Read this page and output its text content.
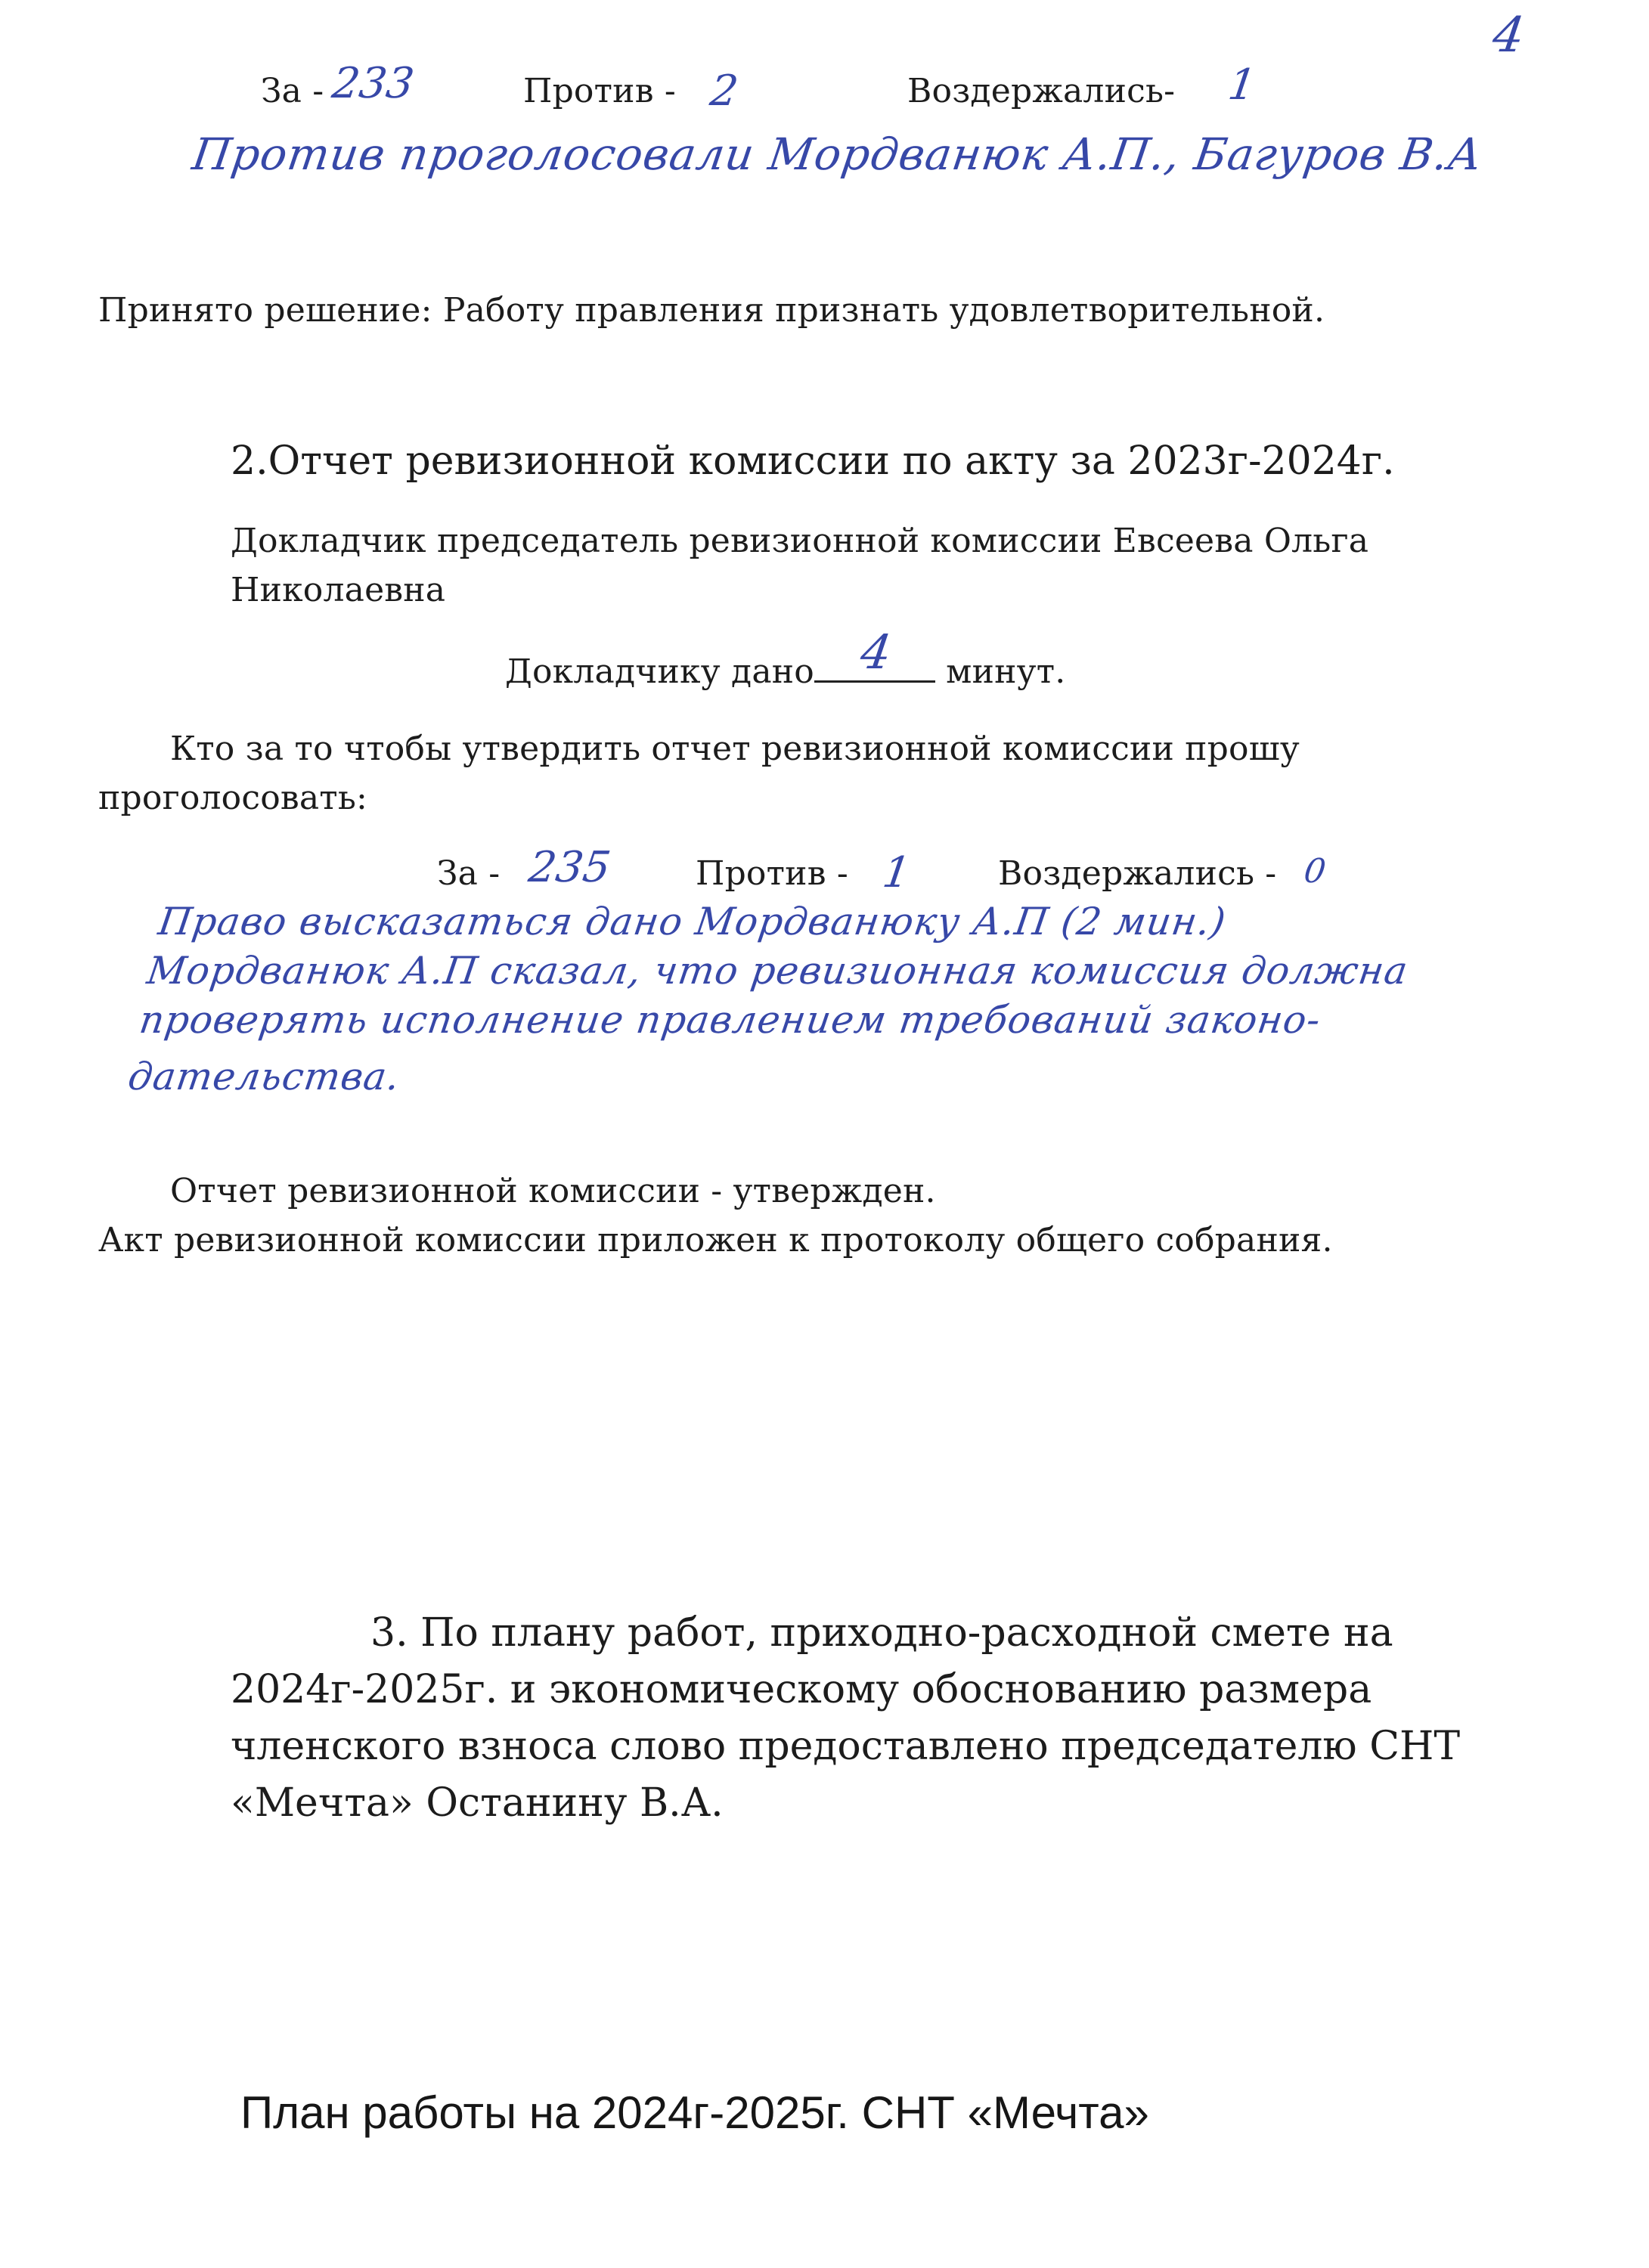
4
За - 233	Против - 2	Воздержались- 1
Против проголосовали Мордванюк А.П., Багуров В.А
Принято решение: Работу правления признать удовлетворительной.
2.Отчет ревизионной комиссии по акту за 2023г-2024г.
Докладчик председатель ревизионной комиссии Евсеева Ольга
Николаевна
Докладчику дано 4 минут.
Кто за то чтобы утвердить отчет ревизионной комиссии прошу
проголосовать:
За - 235 Против - 1	Воздержались - 0
Право высказаться дано Мордванюку А.П (2 мин.)
Мордванюк А.П сказал, что ревизионная комиссия должна
проверять исполнение правлением требований законо-
дательства.
Отчет ревизионной комиссии - утвержден.
Акт ревизионной комиссии приложен к протоколу общего собрания.
3. По плану работ, приходно-расходной смете на
2024г-2025г. и экономическому обоснованию размера
членского взноса слово предоставлено председателю СНТ
«Мечта» Останину В.А.
План работы на 2024г-2025г. СНТ «Мечта»
